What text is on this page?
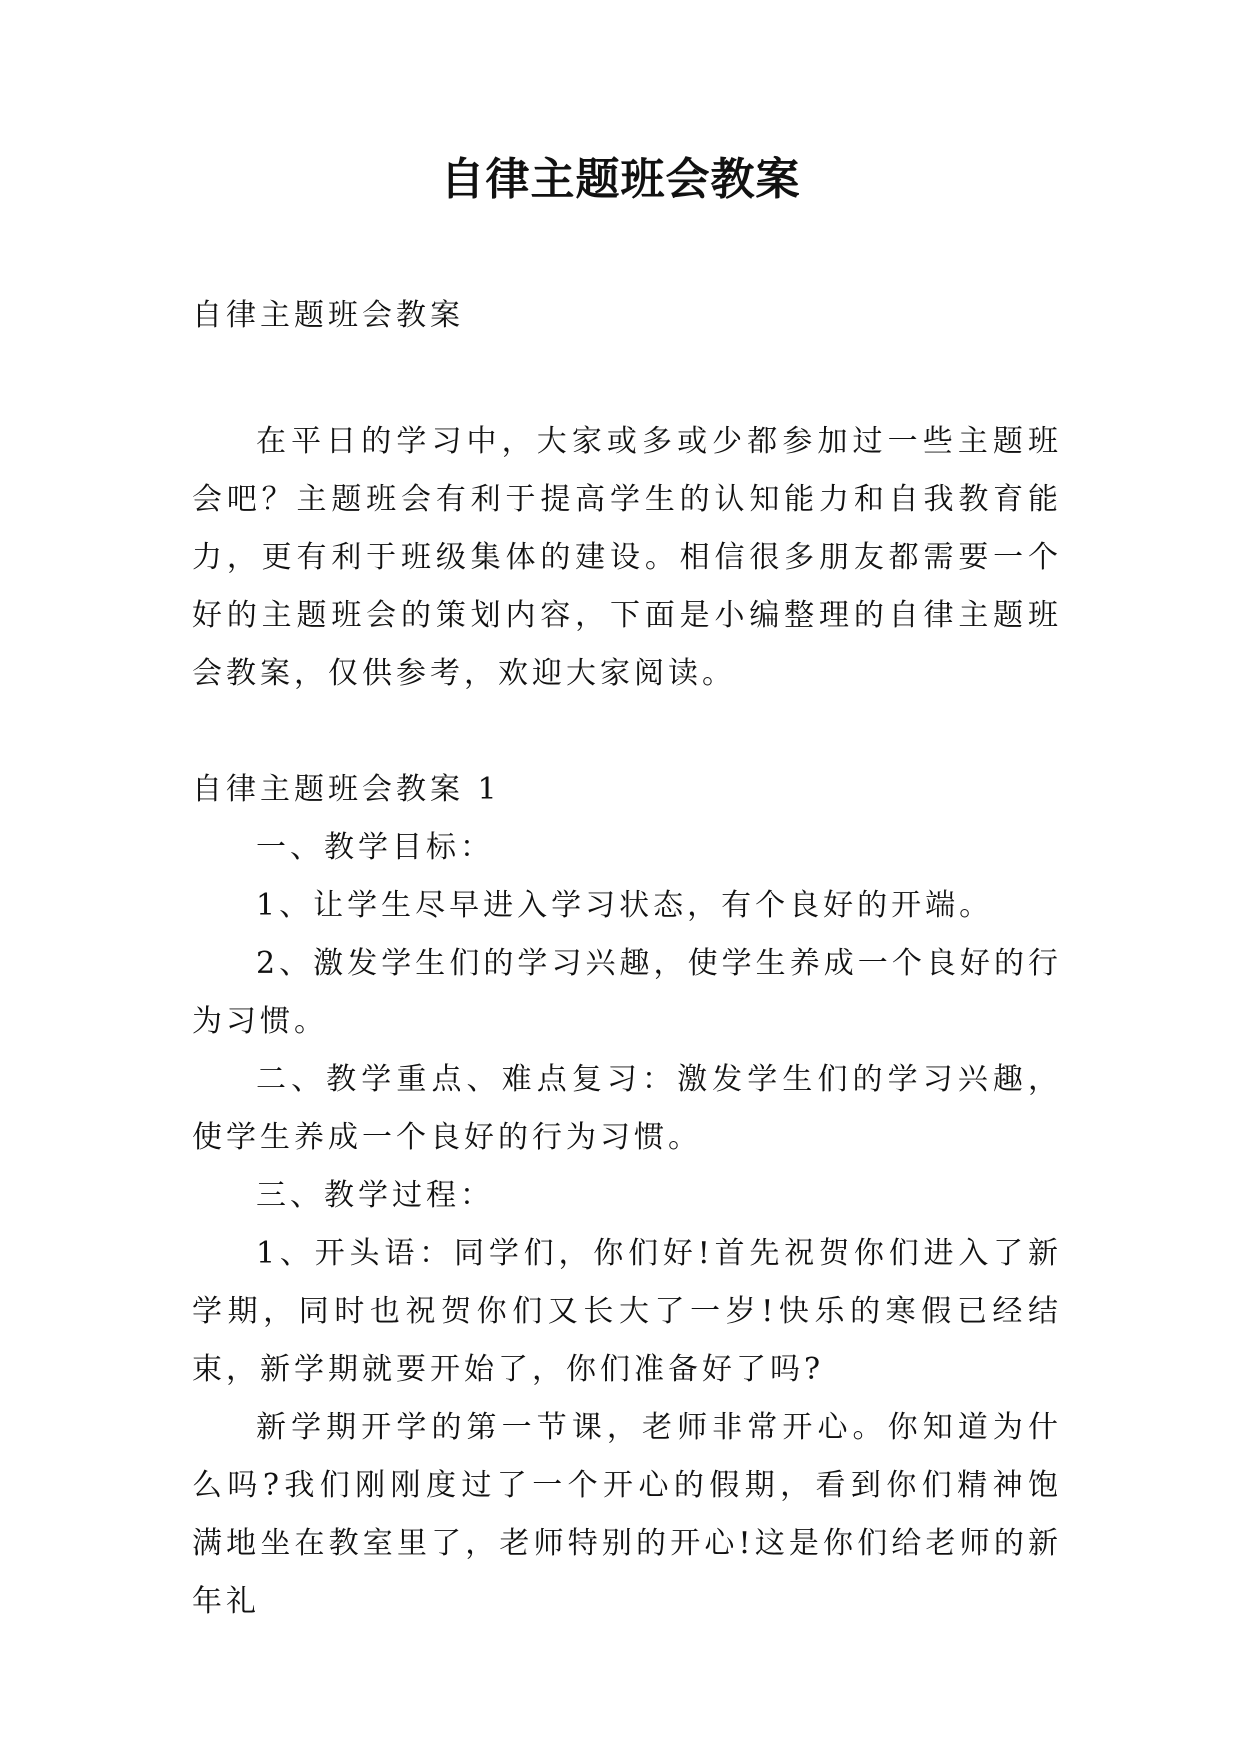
自律主题班会教案

自律主题班会教案

在平日的学习中，大家或多或少都参加过一些主题班会吧？主题班会有利于提高学生的认知能力和自我教育能力，更有利于班级集体的建设。相信很多朋友都需要一个好的主题班会的策划内容，下面是小编整理的自律主题班会教案，仅供参考，欢迎大家阅读。

自律主题班会教案 1

一、教学目标：

1、让学生尽早进入学习状态，有个良好的开端。

2、激发学生们的学习兴趣，使学生养成一个良好的行为习惯。

二、教学重点、难点复习：激发学生们的学习兴趣，使学生养成一个良好的行为习惯。

三、教学过程：

1、开头语：同学们，你们好!首先祝贺你们进入了新学期，同时也祝贺你们又长大了一岁!快乐的寒假已经结束，新学期就要开始了，你们准备好了吗?

新学期开学的第一节课，老师非常开心。你知道为什么吗?我们刚刚度过了一个开心的假期，看到你们精神饱满地坐在教室里了，老师特别的开心!这是你们给老师的新年礼
